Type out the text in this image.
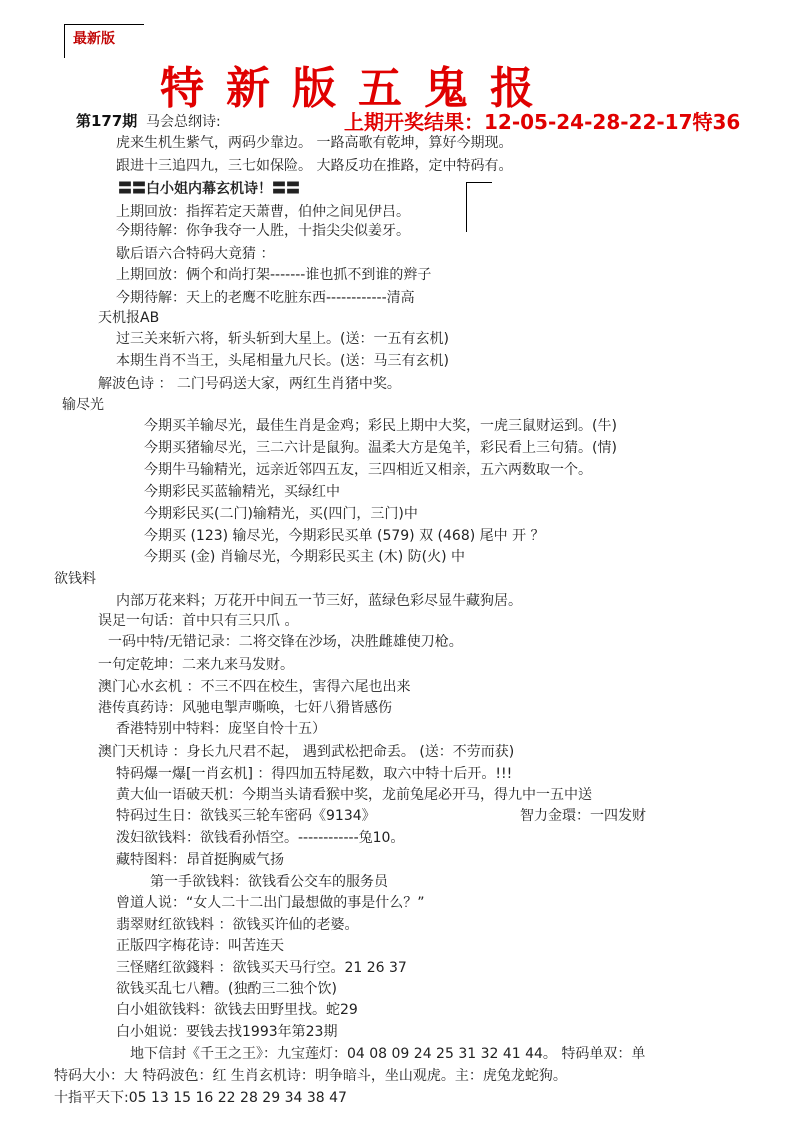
最新版
特新版五鬼报
第177期 马会总纲诗:	上期开奖结果：12-05-24-28-22-17特36
虎来生机生紫气，两码少靠边。 一路高歌有乾坤，算好今期现。
跟进十三追四九，三七如保险。 大路反功在推路，定中特码有。
〓〓白小姐内幕玄机诗！〓〓
上期回放：指挥若定天萧曹，伯仲之间见伊吕。
今期待解：你争我夺一人胜，十指尖尖似姜牙。
歇后语六合特码大竟猜 ：
上期回放：俩个和尚打架-------谁也抓不到谁的辫子
今期待解：天上的老鹰不吃脏东西------------清高
天机报AB
过三关来斩六将，斩头斩到大星上。(送：一五有玄机)
本期生肖不当王，头尾相量九尺长。(送：马三有玄机)
解波色诗 ： 二门号码送大家，两红生肖猪中奖。
输尽光
今期买羊输尽光，最佳生肖是金鸡；彩民上期中大奖，一虎三鼠财运到。(牛)
今期买猪输尽光，三二六计是鼠狗。温柔大方是兔羊，彩民看上三句猜。(情)
今期牛马输精光，远亲近邻四五友，三四相近又相亲，五六两数取一个。
今期彩民买蓝输精光，买绿红中
今期彩民买(二门)输精光，买(四门，三门)中
今期买 (123) 输尽光，今期彩民买单 (579) 双 (468) 尾中 开 ？
今期买 (金) 肖输尽光，今期彩民买主 (木) 防(火) 中
欲钱料
内部万花来料；万花开中间五一节三好，蓝绿色彩尽显牛藏狗居。
误足一句话：首中只有三只爪 。
一码中特/无错记录：二将交锋在沙场，决胜雌雄使刀枪。
一句定乾坤：二来九来马发财。
澳门心水玄机 ：不三不四在校生，害得六尾也出来
港传真药诗：风驰电掣声嘶唤，七奸八猾皆感伤
香港特别中特料：庞坚自怜十五）
澳门天机诗 ：身长九尺君不起， 遇到武松把命丢。 (送：不劳而获)
特码爆一爆[一肖玄机] ：得四加五特尾数，取六中特十后开。!!!
黄大仙一语破天机：今期当头请看猴中奖，龙前兔尾必开马，得九中一五中送
特码过生日：欲钱买三轮车密码《9134》	智力金環：一四发财
泼妇欲钱料：欲钱看孙悟空。------------兔10。
藏特图料：昂首挺胸威气扬
第一手欲钱料：欲钱看公交车的服务员
曾道人说：“女人二十二出门最想做的事是什么？”
翡翠财红欲钱料 ：欲钱买许仙的老婆。
正版四字梅花诗：叫苦连天
三怪赌红欲錢料 ：欲钱买天马行空。21 26 37
欲钱买乱七八糟。(独酌三二独个饮)
白小姐欲钱料：欲钱去田野里找。蛇29
白小姐说：要钱去找1993年第23期
地下信封《千王之王》：九宝莲灯：04 08 09 24 25 31 32 41 44。 特码单双：单
特码大小：大 特码波色：红 生肖玄机诗：明争暗斗，坐山观虎。主：虎兔龙蛇狗。
十指平天下:05 13 15 16 22 28 29 34 38 47
